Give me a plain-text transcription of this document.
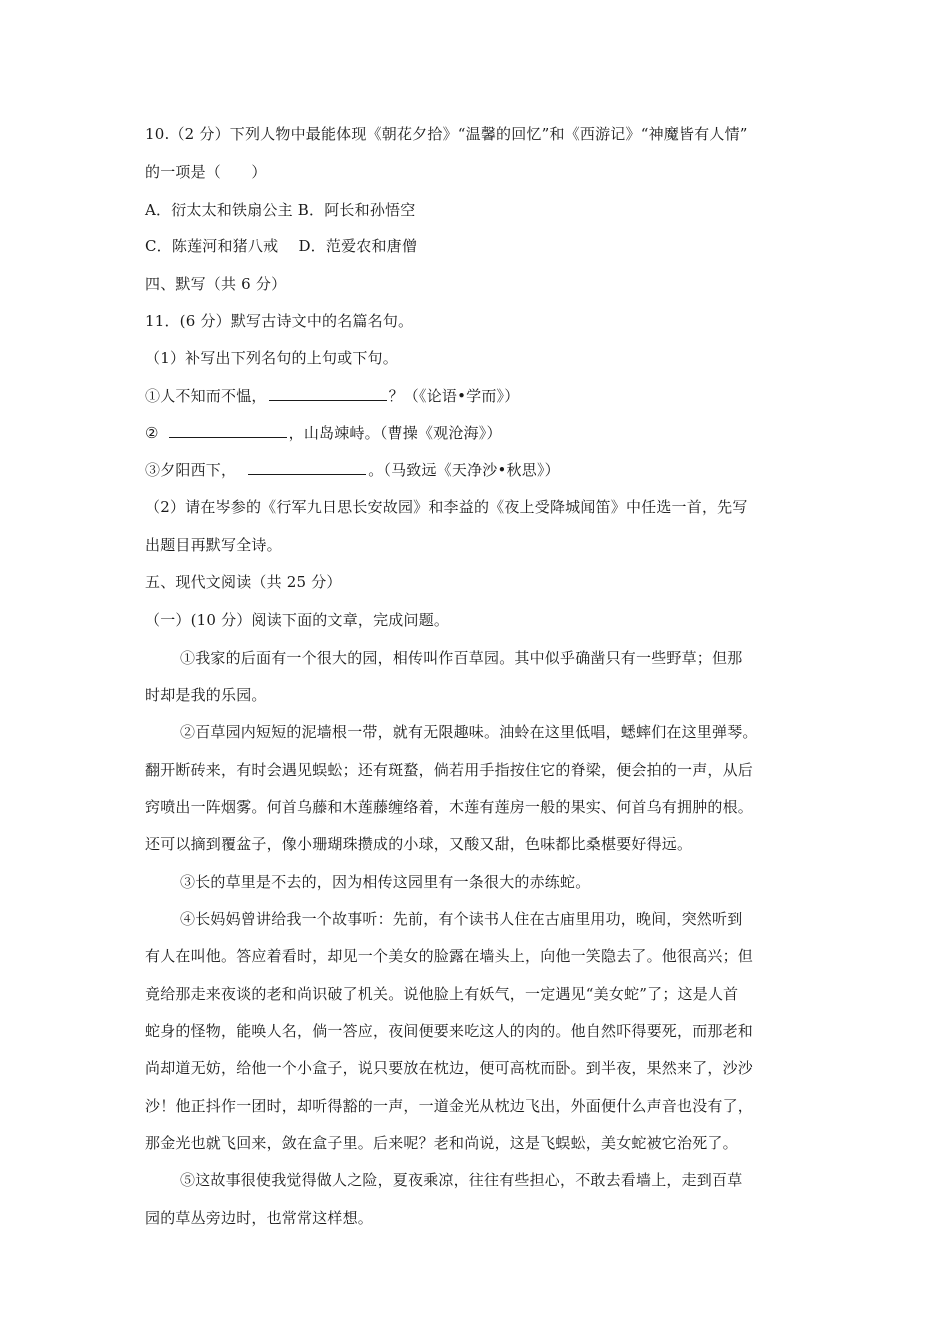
10.（2 分）下列人物中最能体现《朝花夕拾》“温馨的回忆”和《西游记》“神魔皆有人情”
的一项是（　　）
A．衍太太和铁扇公主 B．阿长和孙悟空
C．陈莲河和猪八戒　 D．范爱农和唐僧
四、默写（共 6 分）
11．(6 分）默写古诗文中的名篇名句。
（1）补写出下列名句的上句或下句。
①人不知而不愠，	？（《论语•学而》）
②	，山岛竦峙。（曹操《观沧海》）
③夕阳西下，	。（马致远《天净沙•秋思》）
（2）请在岑参的《行军九日思长安故园》和李益的《夜上受降城闻笛》中任选一首，先写
出题目再默写全诗。
五、现代文阅读（共 25 分）
（一）(10 分）阅读下面的文章，完成问题。
①我家的后面有一个很大的园，相传叫作百草园。其中似乎确凿只有一些野草；但那
时却是我的乐园。
②百草园内短短的泥墙根一带，就有无限趣味。油蛉在这里低唱，蟋蟀们在这里弹琴。
翻开断砖来，有时会遇见蜈蚣；还有斑蝥，倘若用手指按住它的脊梁，便会拍的一声，从后
窍喷出一阵烟雾。何首乌藤和木莲藤缠络着，木莲有莲房一般的果实、何首乌有拥肿的根。
还可以摘到覆盆子，像小珊瑚珠攒成的小球，又酸又甜，色味都比桑椹要好得远。
③长的草里是不去的，因为相传这园里有一条很大的赤练蛇。
④长妈妈曾讲给我一个故事听：先前，有个读书人住在古庙里用功，晚间，突然听到
有人在叫他。答应着看时，却见一个美女的脸露在墙头上，向他一笑隐去了。他很高兴；但
竟给那走来夜谈的老和尚识破了机关。说他脸上有妖气，一定遇见“美女蛇”了；这是人首
蛇身的怪物，能唤人名，倘一答应，夜间便要来吃这人的肉的。他自然吓得要死，而那老和
尚却道无妨，给他一个小盒子，说只要放在枕边，便可高枕而卧。到半夜，果然来了，沙沙
沙！他正抖作一团时，却听得豁的一声，一道金光从枕边飞出，外面便什么声音也没有了，
那金光也就飞回来，敛在盒子里。后来呢？老和尚说，这是飞蜈蚣，美女蛇被它治死了。
⑤这故事很使我觉得做人之险，夏夜乘凉，往往有些担心，不敢去看墙上，走到百草
园的草丛旁边时，也常常这样想。
